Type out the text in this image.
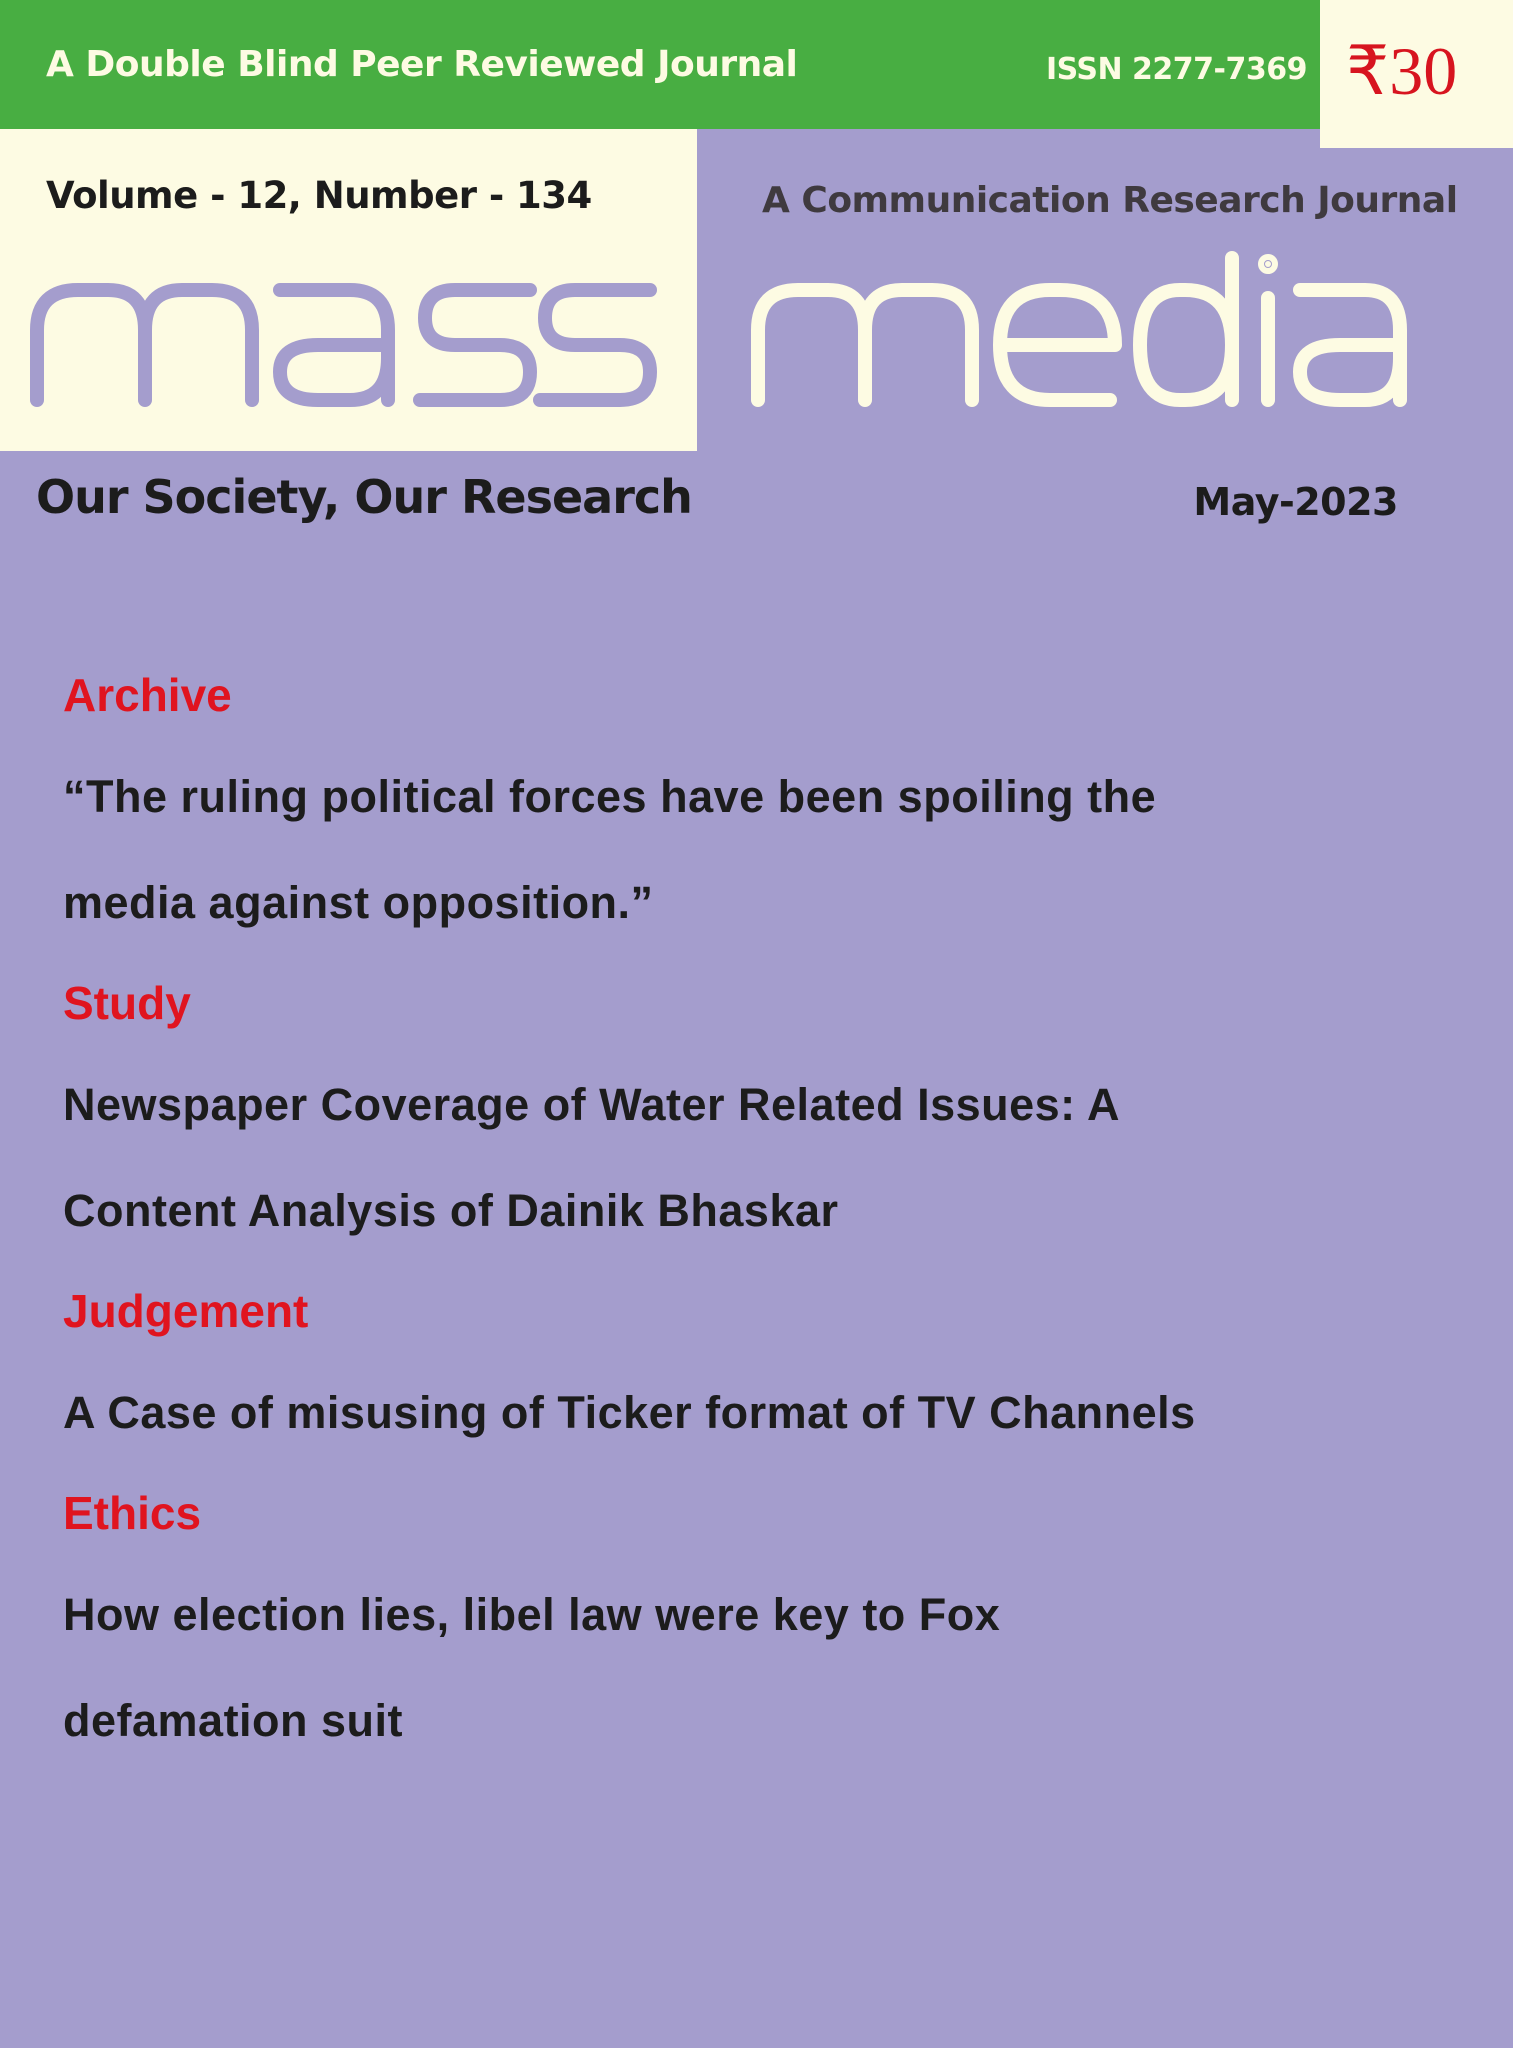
A Double Blind Peer Reviewed Journal	ISSN 2277-7369 ₹30
Volume - 12, Number - 134	A Communication Research Journal
Our Society, Our Research	May-2023
Archive
“The ruling political forces have been spoiling the
media against opposition.”
Study
Newspaper Coverage of Water Related Issues: A
Content Analysis of Dainik Bhaskar
Judgement
A Case of misusing of Ticker format of TV Channels
Ethics
How election lies, libel law were key to Fox
defamation suit
